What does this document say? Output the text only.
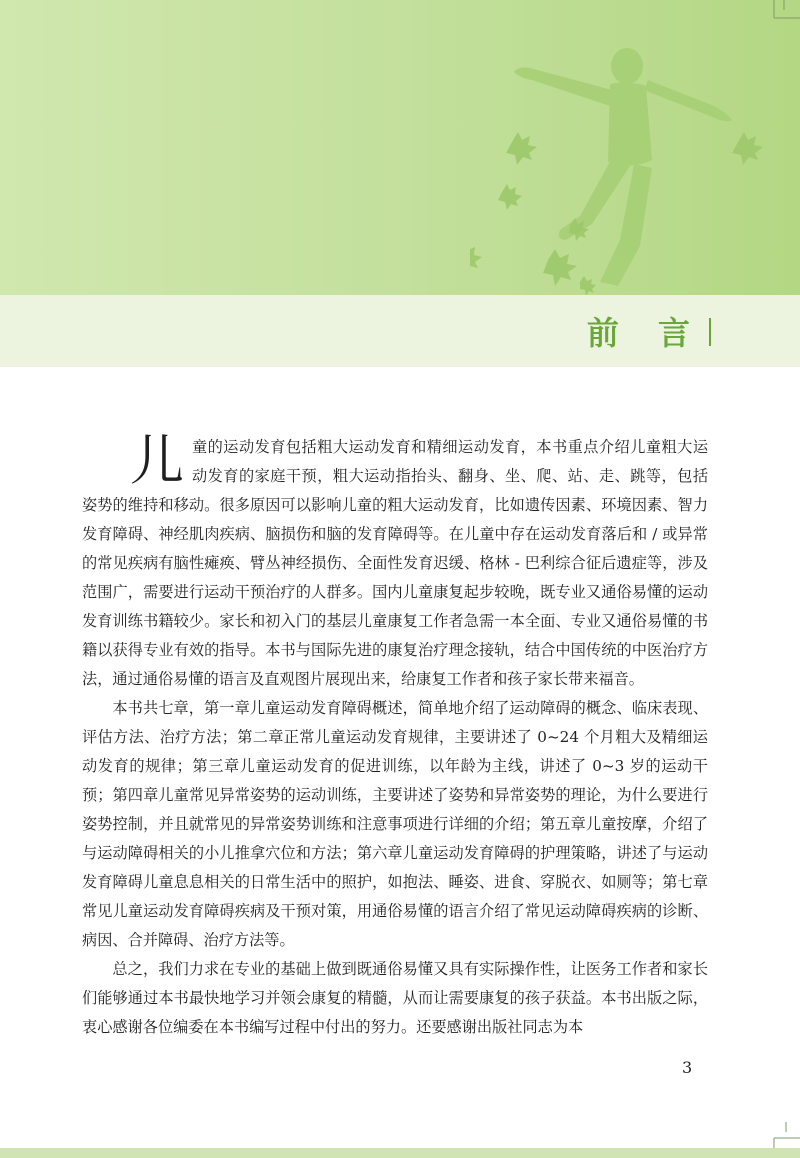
前 言

儿童的运动发育包括粗大运动发育和精细运动发育，本书重点介绍儿童粗大运动发育的家庭干预，粗大运动指抬头、翻身、坐、爬、站、走、跳等，包括姿势的维持和移动。很多原因可以影响儿童的粗大运动发育，比如遗传因素、环境因素、智力发育障碍、神经肌肉疾病、脑损伤和脑的发育障碍等。在儿童中存在运动发育落后和 / 或异常的常见疾病有脑性瘫痪、臂丛神经损伤、全面性发育迟缓、格林 - 巴利综合征后遗症等，涉及范围广，需要进行运动干预治疗的人群多。国内儿童康复起步较晚，既专业又通俗易懂的运动发育训练书籍较少。家长和初入门的基层儿童康复工作者急需一本全面、专业又通俗易懂的书籍以获得专业有效的指导。本书与国际先进的康复治疗理念接轨，结合中国传统的中医治疗方法，通过通俗易懂的语言及直观图片展现出来，给康复工作者和孩子家长带来福音。

本书共七章，第一章儿童运动发育障碍概述，简单地介绍了运动障碍的概念、临床表现、评估方法、治疗方法；第二章正常儿童运动发育规律，主要讲述了 0~24 个月粗大及精细运动发育的规律；第三章儿童运动发育的促进训练，以年龄为主线，讲述了 0~3 岁的运动干预；第四章儿童常见异常姿势的运动训练，主要讲述了姿势和异常姿势的理论，为什么要进行姿势控制，并且就常见的异常姿势训练和注意事项进行详细的介绍；第五章儿童按摩，介绍了与运动障碍相关的小儿推拿穴位和方法；第六章儿童运动发育障碍的护理策略，讲述了与运动发育障碍儿童息息相关的日常生活中的照护，如抱法、睡姿、进食、穿脱衣、如厕等；第七章常见儿童运动发育障碍疾病及干预对策，用通俗易懂的语言介绍了常见运动障碍疾病的诊断、病因、合并障碍、治疗方法等。

总之，我们力求在专业的基础上做到既通俗易懂又具有实际操作性，让医务工作者和家长们能够通过本书最快地学习并领会康复的精髓，从而让需要康复的孩子获益。本书出版之际，衷心感谢各位编委在本书编写过程中付出的努力。还要感谢出版社同志为本

3
